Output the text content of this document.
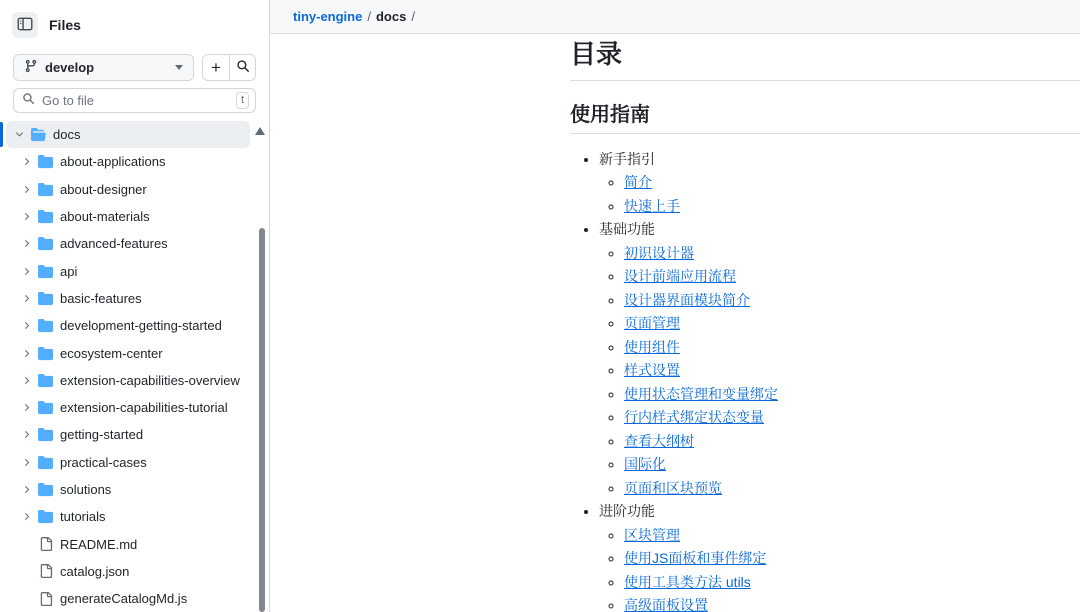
Files
develop	+
Go to file
t
docs
about-applications
about-designer
about-materials
advanced-features
api
basic-features
development-getting-started
ecosystem-center
extension-capabilities-overview
extension-capabilities-tutorial
getting-started
practical-cases
solutions
tutorials
README.md
catalog.json
generateCatalogMd.js
tiny-engine / docs /
目录
使用指南
• 新手指引
◦ 简介
◦ 快速上手
• 基础功能
◦ 初识设计器
◦ 设计前端应用流程
◦ 设计器界面模块简介
◦ 页面管理
◦ 使用组件
◦ 样式设置
◦ 使用状态管理和变量绑定
◦ 行内样式绑定状态变量
◦ 查看大纲树
◦ 国际化
◦ 页面和区块预览
• 进阶功能
◦ 区块管理
◦ 使用JS面板和事件绑定
◦ 使用工具类方法 utils
◦ 高级面板设置
